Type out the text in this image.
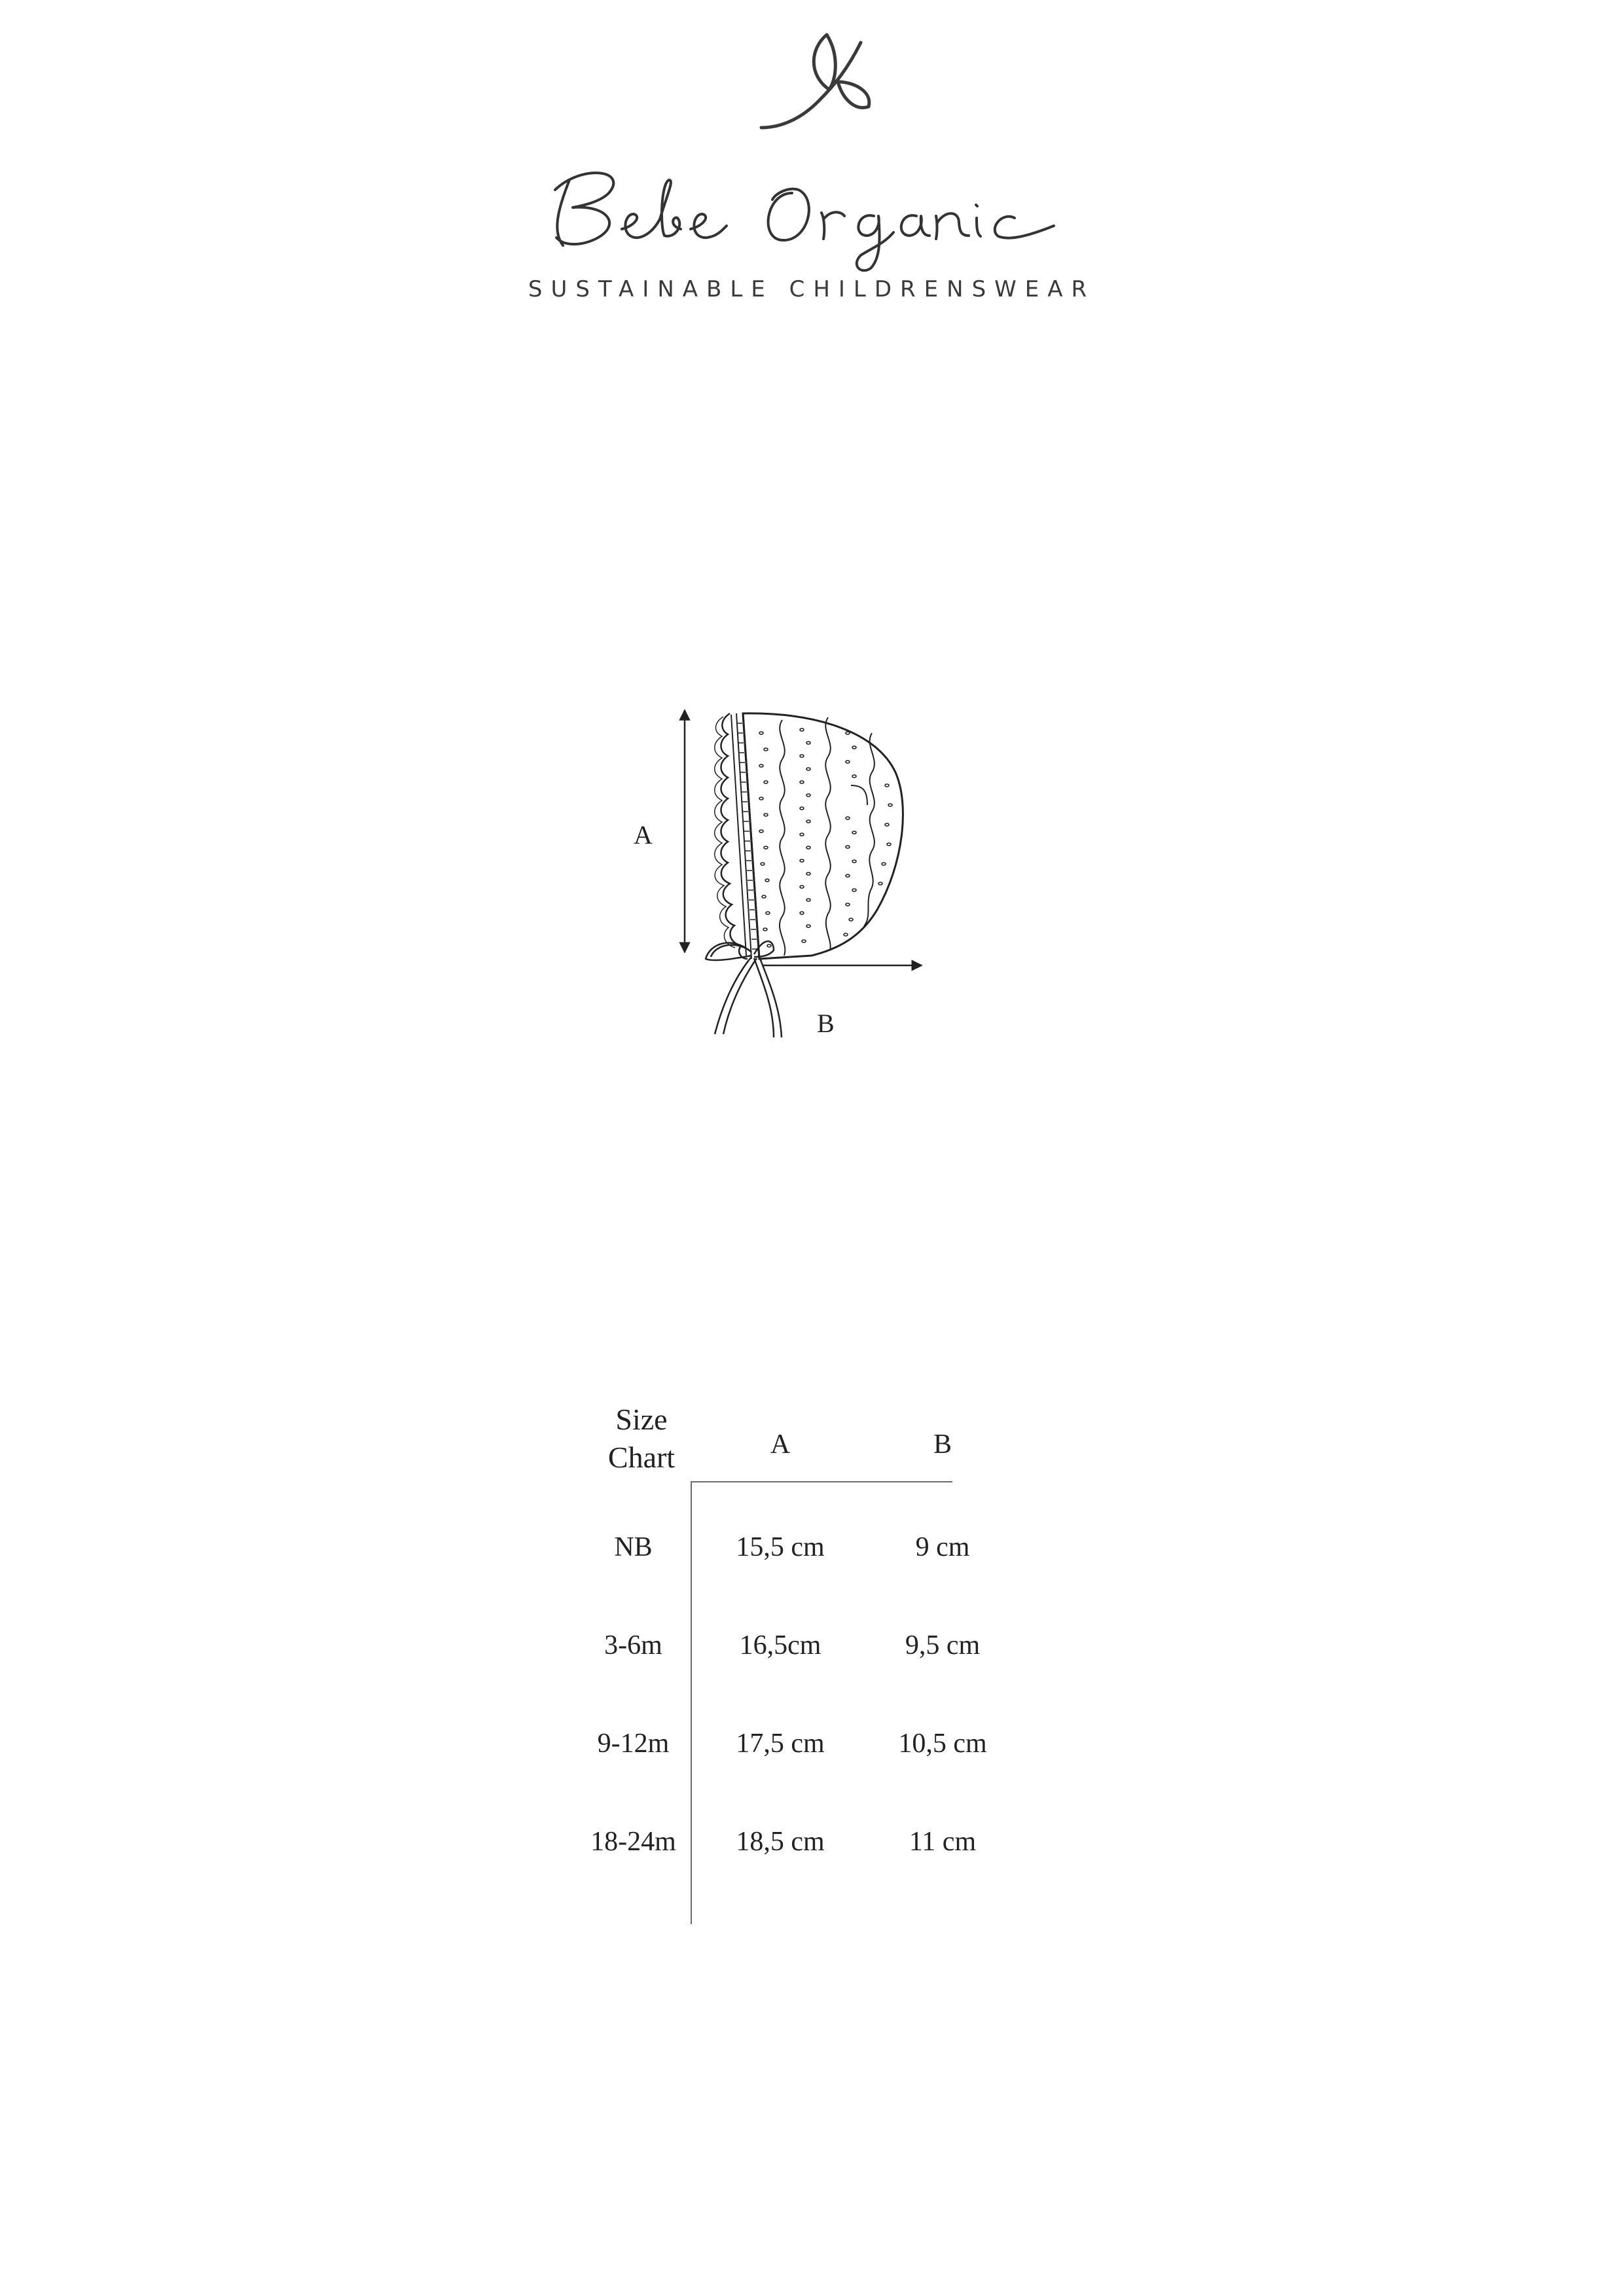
SUSTAINABLE CHILDRENSWEAR
A
B
Size
Chart	A	B
NB	15,5 cm	9 cm
3-6m	16,5cm	9,5 cm
9-12m	17,5 cm	10,5 cm
18-24m	18,5 cm	11 cm
